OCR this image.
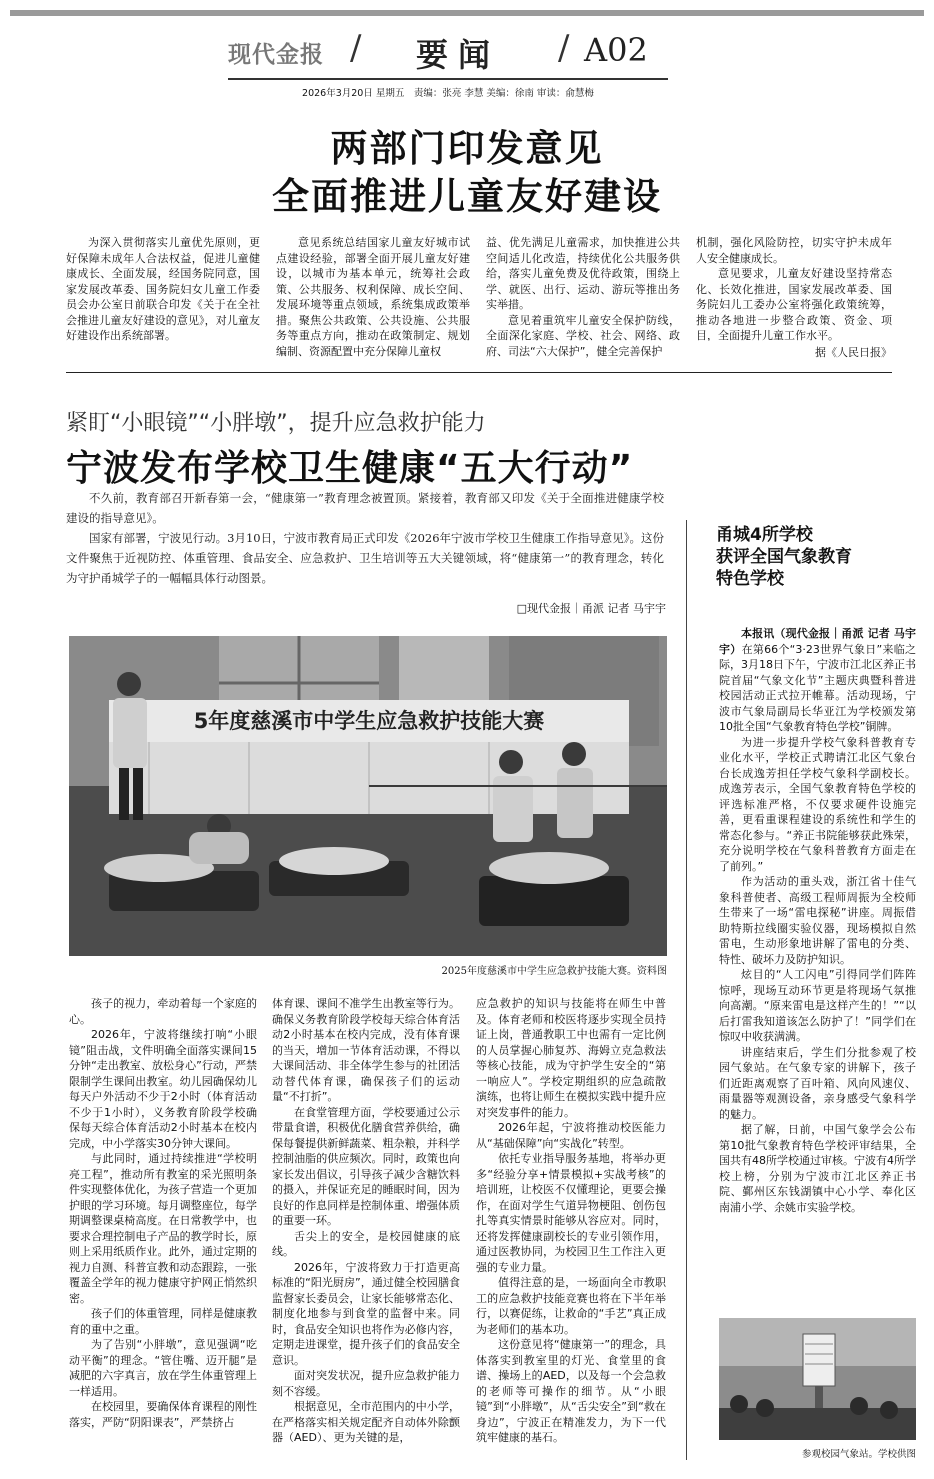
现代金报 / 要闻 / A02
2026年3月20日 星期五　责编：张亮 李慧 美编：徐南 审读：俞慧梅
两部门印发意见
全面推进儿童友好建设

为深入贯彻落实儿童优先原则，更好保障未成年人合法权益，促进儿童健康成长、全面发展，经国务院同意，国家发展改革委、国务院妇女儿童工作委员会办公室日前联合印发《关于在全社会推进儿童友好建设的意见》，对儿童友好建设作出系统部署。

意见系统总结国家儿童友好城市试点建设经验，部署全面开展儿童友好建设，以城市为基本单元，统筹社会政策、公共服务、权利保障、成长空间、发展环境等重点领域，系统集成政策举措。聚焦公共政策、公共设施、公共服务等重点方向，推动在政策制定、规划编制、资源配置中充分保障儿童权

益、优先满足儿童需求，加快推进公共空间适儿化改造，持续优化公共服务供给，落实儿童免费及优待政策，围绕上学、就医、出行、运动、游玩等推出务实举措。

意见着重筑牢儿童安全保护防线，全面深化家庭、学校、社会、网络、政府、司法“六大保护”，健全完善保护

机制，强化风险防控，切实守护未成年人安全健康成长。

意见要求，儿童友好建设坚持常态化、长效化推进，国家发展改革委、国务院妇儿工委办公室将强化政策统筹，推动各地进一步整合政策、资金、项目，全面提升儿童工作水平。

据《人民日报》
紧盯“小眼镜”“小胖墩”，提升应急救护能力
宁波发布学校卫生健康“五大行动”

不久前，教育部召开新春第一会，“健康第一”教育理念被置顶。紧接着，教育部又印发《关于全面推进健康学校建设的指导意见》。

国家有部署，宁波见行动。3月10日，宁波市教育局正式印发《2026年宁波市学校卫生健康工作指导意见》。这份文件聚焦于近视防控、体重管理、食品安全、应急救护、卫生培训等五大关键领域，将“健康第一”的教育理念，转化为守护甬城学子的一幅幅具体行动图景。

□现代金报｜甬派 记者 马宇宇
5年度慈溪市中学生应急救护技能大赛
2025年度慈溪市中学生应急救护技能大赛。资料图

孩子的视力，牵动着每一个家庭的心。

2026年，宁波将继续打响“小眼镜”阻击战，文件明确全面落实课间15分钟“走出教室、放松身心”行动，严禁限制学生课间出教室。幼儿园确保幼儿每天户外活动不少于2小时（体育活动不少于1小时），义务教育阶段学校确保每天综合体育活动2小时基本在校内完成，中小学落实30分钟大课间。

与此同时，通过持续推进“学校明亮工程”，推动所有教室的采光照明条件实现整体优化，为孩子营造一个更加护眼的学习环境。每月调整座位，每学期调整课桌椅高度。在日常教学中，也要求合理控制电子产品的教学时长，原则上采用纸质作业。此外，通过定期的视力自测、科普宣教和动态跟踪，一张覆盖全学年的视力健康守护网正悄然织密。

孩子们的体重管理，同样是健康教育的重中之重。

为了告别“小胖墩”，意见强调“吃动平衡”的理念。“管住嘴、迈开腿”是减肥的六字真言，放在学生体重管理上一样适用。

在校园里，要确保体育课程的刚性落实，严防“阴阳课表”，严禁挤占

体育课、课间不准学生出教室等行为。确保义务教育阶段学校每天综合体育活动2小时基本在校内完成，没有体育课的当天，增加一节体育活动课，不得以大课间活动、非全体学生参与的社团活动替代体育课，确保孩子们的运动量“不打折”。

在食堂管理方面，学校要通过公示带量食谱，积极优化膳食营养供给，确保每餐提供新鲜蔬菜、粗杂粮，并科学控制油脂的供应频次。同时，政策也向家长发出倡议，引导孩子减少含糖饮料的摄入，并保证充足的睡眠时间，因为良好的作息同样是控制体重、增强体质的重要一环。

舌尖上的安全，是校园健康的底线。

2026年，宁波将致力于打造更高标准的“阳光厨房”，通过健全校园膳食监督家长委员会，让家长能够常态化、制度化地参与到食堂的监督中来。同时，食品安全知识也将作为必修内容，定期走进课堂，提升孩子们的食品安全意识。

面对突发状况，提升应急救护能力刻不容缓。

根据意见，全市范围内的中小学，在严格落实相关规定配齐自动体外除颤器（AED）、更为关键的是，

应急救护的知识与技能将在师生中普及。体育老师和校医将逐步实现全员持证上岗，普通教职工中也需有一定比例的人员掌握心肺复苏、海姆立克急救法等核心技能，成为守护学生安全的“第一响应人”。学校定期组织的应急疏散演练，也将让师生在模拟实践中提升应对突发事件的能力。

2026年起，宁波将推动校医能力从“基础保障”向“实战化”转型。

依托专业指导服务基地，将举办更多“经验分享+情景模拟+实战考核”的培训班，让校医不仅懂理论，更要会操作，在面对学生气道异物梗阻、创伤包扎等真实情景时能够从容应对。同时，还将发挥健康副校长的专业引领作用，通过医教协同，为校园卫生工作注入更强的专业力量。

值得注意的是，一场面向全市教职工的应急救护技能竞赛也将在下半年举行，以赛促练，让救命的“手艺”真正成为老师们的基本功。

这份意见将“健康第一”的理念，具体落实到教室里的灯光、食堂里的食谱、操场上的AED，以及每一个会急救的老师等可操作的细节。从“小眼镜”到“小胖墩”，从“舌尖安全”到“救在身边”，宁波正在精准发力，为下一代筑牢健康的基石。

甬城4所学校
获评全国气象教育
特色学校

本报讯（现代金报｜甬派 记者 马宇宇）在第66个“3·23世界气象日”来临之际，3月18日下午，宁波市江北区养正书院首届“气象文化节”主题庆典暨科普进校园活动正式拉开帷幕。活动现场，宁波市气象局副局长华亚江为学校颁发第10批全国“气象教育特色学校”铜牌。

为进一步提升学校气象科普教育专业化水平，学校正式聘请江北区气象台台长成逸芳担任学校气象科学副校长。成逸芳表示，全国气象教育特色学校的评选标准严格，不仅要求硬件设施完善，更看重课程建设的系统性和学生的常态化参与。“养正书院能够获此殊荣，充分说明学校在气象科普教育方面走在了前列。”

作为活动的重头戏，浙江省十佳气象科普使者、高级工程师周振为全校师生带来了一场“雷电探秘”讲座。周振借助特斯拉线圈实验仪器，现场模拟自然雷电，生动形象地讲解了雷电的分类、特性、破坏力及防护知识。

炫目的“人工闪电”引得同学们阵阵惊呼，现场互动环节更是将现场气氛推向高潮。“原来雷电是这样产生的！”“以后打雷我知道该怎么防护了！”同学们在惊叹中收获满满。

讲座结束后，学生们分批参观了校园气象站。在气象专家的讲解下，孩子们近距离观察了百叶箱、风向风速仪、雨量器等观测设备，亲身感受气象科学的魅力。

据了解，日前，中国气象学会公布第10批气象教育特色学校评审结果，全国共有48所学校通过审核。宁波有4所学校上榜，分别为宁波市江北区养正书院、鄞州区东钱湖镇中心小学、奉化区南浦小学、余姚市实验学校。

参观校园气象站。学校供图
